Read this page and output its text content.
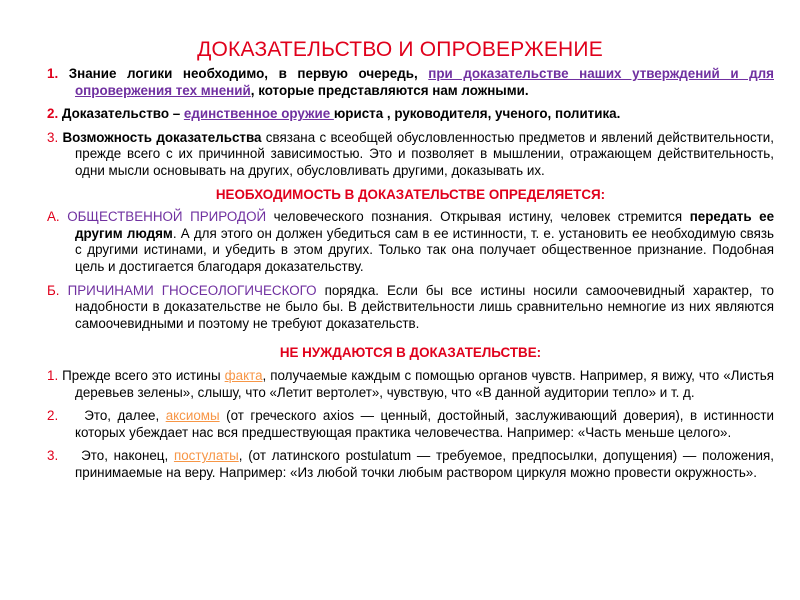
ДОКАЗАТЕЛЬСТВО И ОПРОВЕРЖЕНИЕ

1. Знание логики необходимо, в первую очередь, при доказательстве наших утверждений и для опровержения тех мнений, которые представляются нам ложными.

2. Доказательство – единственное оружие юриста , руководителя, ученого, политика.

3. Возможность доказательства связана с всеобщей обусловленностью предметов и явлений действительности, прежде всего с их причинной зависимостью. Это и позволяет в мышлении, отражающем действительность, одни мысли основывать на других, обусловливать другими, доказывать их.

НЕОБХОДИМОСТЬ В ДОКАЗАТЕЛЬСТВЕ ОПРЕДЕЛЯЕТСЯ:

А. ОБЩЕСТВЕННОЙ ПРИРОДОЙ человеческого познания. Открывая истину, человек стремится передать ее другим людям. А для этого он должен убедиться сам в ее истинности, т. е. установить ее необходимую связь с другими истинами, и убедить в этом других. Только так она получает общественное признание. Подобная цель и достигается благодаря доказательству.

Б. ПРИЧИНАМИ ГНОСЕОЛОГИЧЕСКОГО порядка. Если бы все истины носили самоочевидный характер, то надобности в доказательстве не было бы. В действительности лишь сравнительно немногие из них являются самоочевидными и поэтому не требуют доказательств.

НЕ НУЖДАЮТСЯ В ДОКАЗАТЕЛЬСТВЕ:

1. Прежде всего это истины факта, получаемые каждым с помощью органов чувств. Например, я вижу, что «Листья деревьев зелены», слышу, что «Летит вертолет», чувствую, что «В данной аудитории тепло» и т. д.

2.    Это, далее, аксиомы (от греческого axios — ценный, достойный, заслуживающий доверия), в истинности которых убеждает нас вся предшествующая практика человечества. Например: «Часть меньше целого».

3.    Это, наконец, постулаты, (от латинского postulatum — требуемое, предпосылки, допущения) — положения, принимаемые на веру. Например: «Из любой точки любым раствором циркуля можно провести окружность».
